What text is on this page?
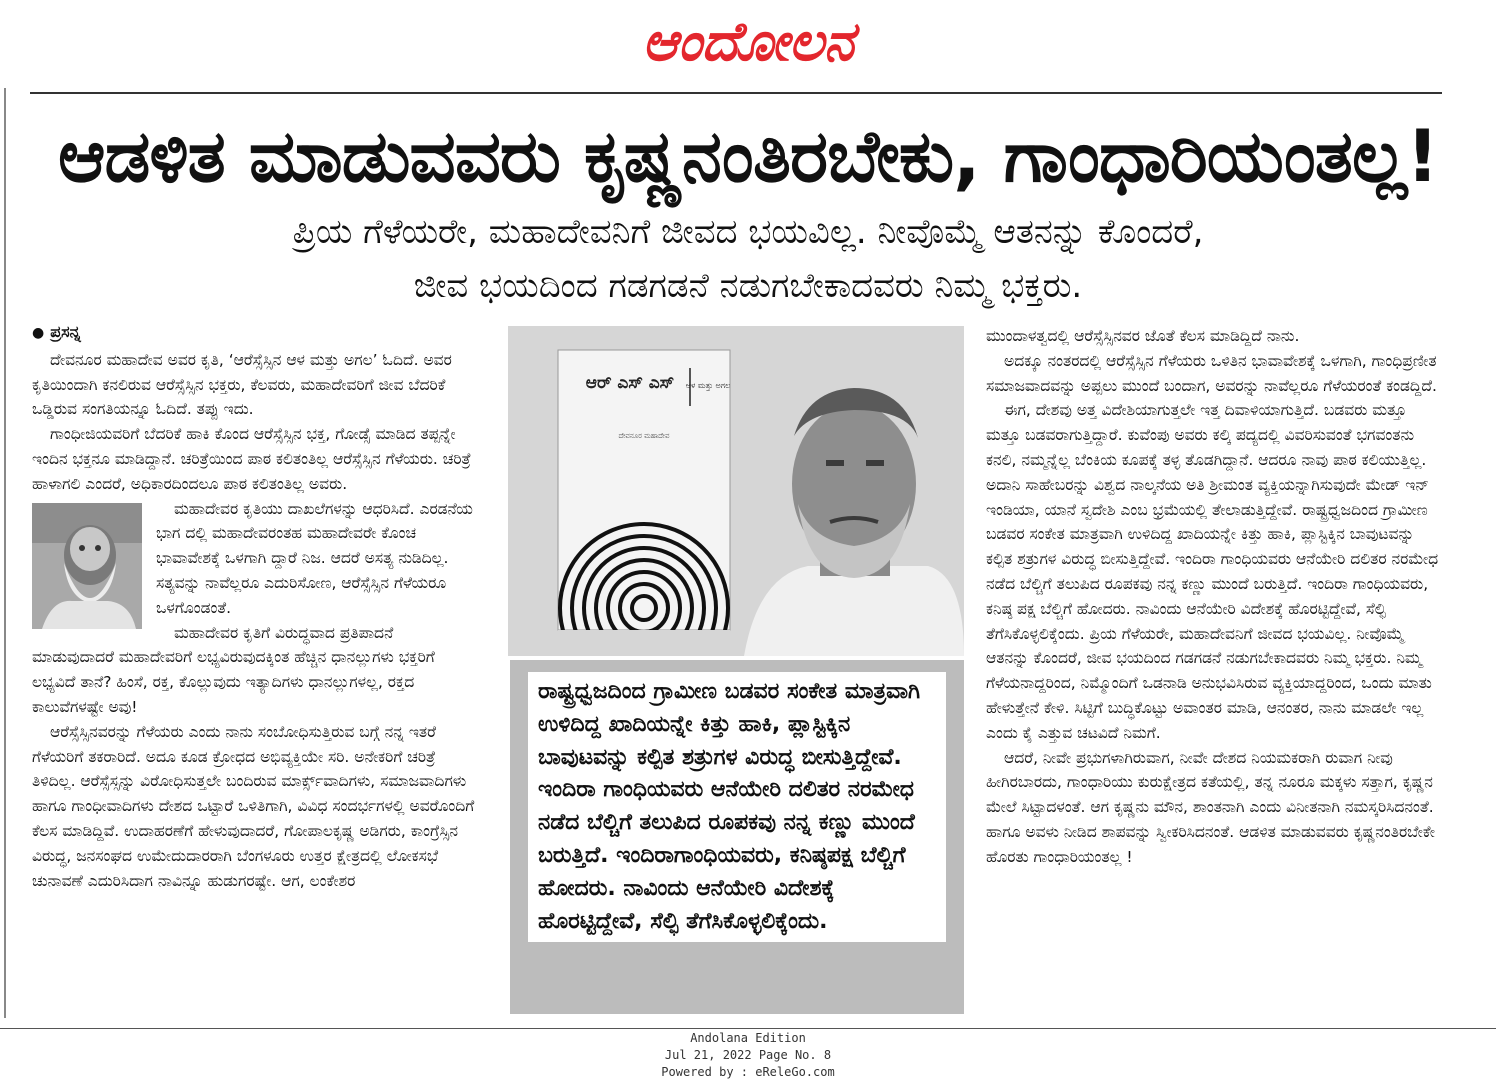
ಆಂದೋಲನ
ಆಡಳಿತ ಮಾಡುವವರು ಕೃಷ್ಣನಂತಿರಬೇಕು, ಗಾಂಧಾರಿಯಂತಲ್ಲ!
ಪ್ರಿಯ ಗೆಳೆಯರೇ, ಮಹಾದೇವನಿಗೆ ಜೀವದ ಭಯವಿಲ್ಲ. ನೀವೊಮ್ಮೆ ಆತನನ್ನು ಕೊಂದರೆ,
ಜೀವ ಭಯದಿಂದ ಗಡಗಡನೆ ನಡುಗಬೇಕಾದವರು ನಿಮ್ಮ ಭಕ್ತರು.
● ಪ್ರಸನ್ನ

ದೇವನೂರ ಮಹಾದೇವ ಅವರ ಕೃತಿ, ‘ಆರೆಸ್ಸೆಸ್ಸಿನ ಆಳ ಮತ್ತು ಅಗಲ’ ಓದಿದೆ. ಅವರ ಕೃತಿಯಿಂದಾಗಿ ಕನಲಿರುವ ಆರೆಸ್ಸೆಸ್ಸಿನ ಭಕ್ತರು, ಕೆಲವರು, ಮಹಾದೇವರಿಗೆ ಜೀವ ಬೆದರಿಕೆ ಒಡ್ಡಿರುವ ಸಂಗತಿಯನ್ನೂ ಓದಿದೆ. ತಪ್ಪು ಇದು.

ಗಾಂಧೀಜಿಯವರಿಗೆ ಬೆದರಿಕೆ ಹಾಕಿ ಕೊಂದ ಆರೆಸ್ಸೆಸ್ಸಿನ ಭಕ್ತ, ಗೋಡ್ಸೆ ಮಾಡಿದ ತಪ್ಪನ್ನೇ ಇಂದಿನ ಭಕ್ತನೂ ಮಾಡಿದ್ದಾನೆ. ಚರಿತ್ರೆಯಿಂದ ಪಾಠ ಕಲಿತಂತಿಲ್ಲ ಆರೆಸ್ಸೆಸ್ಸಿನ ಗೆಳೆಯರು. ಚರಿತ್ರೆ ಹಾಳಾಗಲಿ ಎಂದರೆ, ಅಧಿಕಾರದಿಂದಲೂ ಪಾಠ ಕಲಿತಂತಿಲ್ಲ ಅವರು.

ಮಹಾದೇವರ ಕೃತಿಯು ದಾಖಲೆಗಳನ್ನು ಆಧರಿಸಿದೆ. ಎರಡನೆಯ ಭಾಗ ದಲ್ಲಿ ಮಹಾದೇವರಂತಹ ಮಹಾದೇವರೇ ಕೊಂಚ ಭಾವಾವೇಶಕ್ಕೆ ಒಳಗಾಗಿ ದ್ದಾರೆ ನಿಜ. ಆದರೆ ಅಸತ್ಯ ನುಡಿದಿಲ್ಲ. ಸತ್ಯವನ್ನು ನಾವೆಲ್ಲರೂ ಎದುರಿಸೋಣ, ಆರೆಸ್ಸೆಸ್ಸಿನ ಗೆಳೆಯರೂ ಒಳಗೊಂಡಂತೆ.

ಮಹಾದೇವರ ಕೃತಿಗೆ ವಿರುದ್ಧವಾದ ಪ್ರತಿಪಾದನೆ ಮಾಡುವುದಾದರೆ ಮಹಾದೇವರಿಗೆ ಲಭ್ಯವಿರುವುದಕ್ಕಿಂತ ಹೆಚ್ಚಿನ ಧಾನಲ್ಲುಗಳು ಭಕ್ತರಿಗೆ ಲಭ್ಯವಿದೆ ತಾನೆ? ಹಿಂಸೆ, ರಕ್ತ, ಕೊಲ್ಲುವುದು ಇತ್ಯಾದಿಗಳು ಧಾನಲ್ಲುಗಳಲ್ಲ, ರಕ್ತದ ಕಾಲುವೆಗಳಷ್ಟೇ ಅವು!

ಆರೆಸ್ಸೆಸ್ಸಿನವರನ್ನು ಗೆಳೆಯರು ಎಂದು ನಾನು ಸಂಬೋಧಿಸುತ್ತಿರುವ ಬಗ್ಗೆ ನನ್ನ ಇತರೆ ಗೆಳೆಯರಿಗೆ ತಕರಾರಿದೆ. ಅದೂ ಕೂಡ ಕ್ರೋಧದ ಅಭಿವ್ಯಕ್ತಿಯೇ ಸರಿ. ಅನೇಕರಿಗೆ ಚರಿತ್ರೆ ತಿಳಿದಿಲ್ಲ. ಆರೆಸ್ಸೆಸ್ಸನ್ನು ವಿರೋಧಿಸುತ್ತಲೇ ಬಂದಿರುವ ಮಾರ್ಕ್ಸ್‌ವಾದಿಗಳು, ಸಮಾಜವಾದಿಗಳು ಹಾಗೂ ಗಾಂಧೀವಾದಿಗಳು ದೇಶದ ಒಟ್ಟಾರೆ ಒಳಿತಿಗಾಗಿ, ವಿವಿಧ ಸಂದರ್ಭಗಳಲ್ಲಿ ಅವರೊಂದಿಗೆ ಕೆಲಸ ಮಾಡಿದ್ದಿವೆ. ಉದಾಹರಣೆಗೆ ಹೇಳುವುದಾದರೆ, ಗೋಪಾಲಕೃಷ್ಣ ಅಡಿಗರು, ಕಾಂಗ್ರೆಸ್ಸಿನ ವಿರುದ್ಧ, ಜನಸಂಘದ ಉಮೇದುದಾರರಾಗಿ ಬೆಂಗಳೂರು ಉತ್ತರ ಕ್ಷೇತ್ರದಲ್ಲಿ ಲೋಕಸಭೆ ಚುನಾವಣೆ ಎದುರಿಸಿದಾಗ ನಾವಿನ್ನೂ ಹುಡುಗರಷ್ಟೇ. ಆಗ, ಲಂಕೇಶರ

ಆರ್ ಎಸ್ ಎಸ್ ಆಳ ಮತ್ತು ಅಗಲ
ದೇವನೂರ ಮಹಾದೇವ
ರಾಷ್ಟ್ರಧ್ವಜದಿಂದ ಗ್ರಾಮೀಣ ಬಡವರ ಸಂಕೇತ ಮಾತ್ರವಾಗಿ ಉಳಿದಿದ್ದ ಖಾದಿಯನ್ನೇ ಕಿತ್ತು ಹಾಕಿ, ಪ್ಲಾಸ್ಟಿಕ್ಕಿನ ಬಾವುಟವನ್ನು ಕಲ್ಪಿತ ಶತ್ರುಗಳ ವಿರುದ್ಧ ಬೀಸುತ್ತಿದ್ದೇವೆ. ಇಂದಿರಾ ಗಾಂಧಿಯವರು ಆನೆಯೇರಿ ದಲಿತರ ನರಮೇಧ ನಡೆದ ಬೆಲ್ಚಿಗೆ ತಲುಪಿದ ರೂಪಕವು ನನ್ನ ಕಣ್ಣು ಮುಂದೆ ಬರುತ್ತಿದೆ. ಇಂದಿರಾಗಾಂಧಿಯವರು, ಕನಿಷ್ಠಪಕ್ಷ ಬೆಲ್ಚಿಗೆ ಹೋದರು. ನಾವಿಂದು ಆನೆಯೇರಿ ವಿದೇಶಕ್ಕೆ ಹೊರಟ್ಟಿದ್ದೇವೆ, ಸೆಲ್ಫಿ ತೆಗೆಸಿಕೊಳ್ಳಲಿಕ್ಕೆಂದು.

ಮುಂದಾಳತ್ವದಲ್ಲಿ ಆರೆಸ್ಸೆಸ್ಸಿನವರ ಜೊತೆ ಕೆಲಸ ಮಾಡಿದ್ದಿದೆ ನಾನು.

ಅದಕ್ಕೂ ನಂತರದಲ್ಲಿ ಆರೆಸ್ಸೆಸ್ಸಿನ ಗೆಳೆಯರು ಒಳಿತಿನ ಭಾವಾವೇಶಕ್ಕೆ ಒಳಗಾಗಿ, ಗಾಂಧಿಪ್ರಣೀತ ಸಮಾಜವಾದವನ್ನು ಅಪ್ಪಲು ಮುಂದೆ ಬಂದಾಗ, ಅವರನ್ನು ನಾವೆಲ್ಲರೂ ಗೆಳೆಯರಂತೆ ಕಂಡದ್ದಿದೆ.

ಈಗ, ದೇಶವು ಅತ್ತ ವಿದೇಶಿಯಾಗುತ್ತಲೇ ಇತ್ತ ದಿವಾಳಿಯಾಗುತ್ತಿದೆ. ಬಡವರು ಮತ್ತೂ ಮತ್ತೂ ಬಡವರಾಗುತ್ತಿದ್ದಾರೆ. ಕುವೆಂಪು ಅವರು ಕಲ್ಕಿ ಪದ್ಯದಲ್ಲಿ ವಿವರಿಸುವಂತೆ ಭಗವಂತನು ಕನಲಿ, ನಮ್ಮನ್ನೆಲ್ಲ ಬೆಂಕಿಯ ಕೂಪಕ್ಕೆ ತಳ್ಳ ತೊಡಗಿದ್ದಾನೆ. ಆದರೂ ನಾವು ಪಾಠ ಕಲಿಯುತ್ತಿಲ್ಲ. ಅದಾನಿ ಸಾಹೇಬರನ್ನು ವಿಶ್ವದ ನಾಲ್ಕನೆಯ ಅತಿ ಶ್ರೀಮಂತ ವ್ಯಕ್ತಿಯನ್ನಾಗಿಸುವುದೇ ಮೇಡ್ ಇನ್ ಇಂಡಿಯಾ, ಯಾನೆ ಸ್ವದೇಶಿ ಎಂಬ ಭ್ರಮೆಯಲ್ಲಿ ತೇಲಾಡುತ್ತಿದ್ದೇವೆ. ರಾಷ್ಟ್ರಧ್ವಜದಿಂದ ಗ್ರಾಮೀಣ ಬಡವರ ಸಂಕೇತ ಮಾತ್ರವಾಗಿ ಉಳಿದಿದ್ದ ಖಾದಿಯನ್ನೇ ಕಿತ್ತು ಹಾಕಿ, ಪ್ಲಾಸ್ಟಿಕ್ಕಿನ ಬಾವುಟವನ್ನು ಕಲ್ಪಿತ ಶತ್ರುಗಳ ವಿರುದ್ಧ ಬೀಸುತ್ತಿದ್ದೇವೆ. ಇಂದಿರಾ ಗಾಂಧಿಯವರು ಆನೆಯೇರಿ ದಲಿತರ ನರಮೇಧ ನಡೆದ ಬೆಲ್ಚಿಗೆ ತಲುಪಿದ ರೂಪಕವು ನನ್ನ ಕಣ್ಣು ಮುಂದೆ ಬರುತ್ತಿದೆ. ಇಂದಿರಾ ಗಾಂಧಿಯವರು, ಕನಿಷ್ಠ ಪಕ್ಷ ಬೆಲ್ಚಿಗೆ ಹೋದರು. ನಾವಿಂದು ಆನೆಯೇರಿ ವಿದೇಶಕ್ಕೆ ಹೊರಟ್ಟಿದ್ದೇವೆ, ಸೆಲ್ಫಿ ತೆಗೆಸಿಕೊಳ್ಳಲಿಕ್ಕೆಂದು. ಪ್ರಿಯ ಗೆಳೆಯರೇ, ಮಹಾದೇವನಿಗೆ ಜೀವದ ಭಯವಿಲ್ಲ. ನೀವೊಮ್ಮೆ ಆತನನ್ನು ಕೊಂದರೆ, ಜೀವ ಭಯದಿಂದ ಗಡಗಡನೆ ನಡುಗಬೇಕಾದವರು ನಿಮ್ಮ ಭಕ್ತರು. ನಿಮ್ಮ ಗೆಳೆಯನಾದ್ದರಿಂದ, ನಿಮ್ಮೊಂದಿಗೆ ಒಡನಾಡಿ ಅನುಭವಿಸಿರುವ ವ್ಯಕ್ತಿಯಾದ್ದರಿಂದ, ಒಂದು ಮಾತು ಹೇಳುತ್ತೇನೆ ಕೇಳಿ. ಸಿಟ್ಟಿಗೆ ಬುದ್ಧಿಕೊಟ್ಟು ಅವಾಂತರ ಮಾಡಿ, ಆನಂತರ, ನಾನು ಮಾಡಲೇ ಇಲ್ಲ ಎಂದು ಕೈ ಎತ್ತುವ ಚಟವಿದೆ ನಿಮಗೆ.

ಆದರೆ, ನೀವೇ ಪ್ರಭುಗಳಾಗಿರುವಾಗ, ನೀವೇ ದೇಶದ ನಿಯಮಕರಾಗಿ ರುವಾಗ ನೀವು ಹೀಗಿರಬಾರದು, ಗಾಂಧಾರಿಯು ಕುರುಕ್ಷೇತ್ರದ ಕತೆಯಲ್ಲಿ, ತನ್ನ ನೂರೂ ಮಕ್ಕಳು ಸತ್ತಾಗ, ಕೃಷ್ಣನ ಮೇಲೆ ಸಿಟ್ಟಾದಳಂತೆ. ಆಗ ಕೃಷ್ಣನು ಮೌನ, ಶಾಂತನಾಗಿ ಎಂದು ವಿನೀತನಾಗಿ ನಮಸ್ಕರಿಸಿದನಂತೆ. ಹಾಗೂ ಅವಳು ನೀಡಿದ ಶಾಪವನ್ನು ಸ್ವೀಕರಿಸಿದನಂತೆ. ಆಡಳಿತ ಮಾಡುವವರು ಕೃಷ್ಣನಂತಿರಬೇಕೇ ಹೊರತು ಗಾಂಧಾರಿಯಂತಲ್ಲ !

Andolana Edition
Jul 21, 2022 Page No. 8
Powered by : eReleGo.com
